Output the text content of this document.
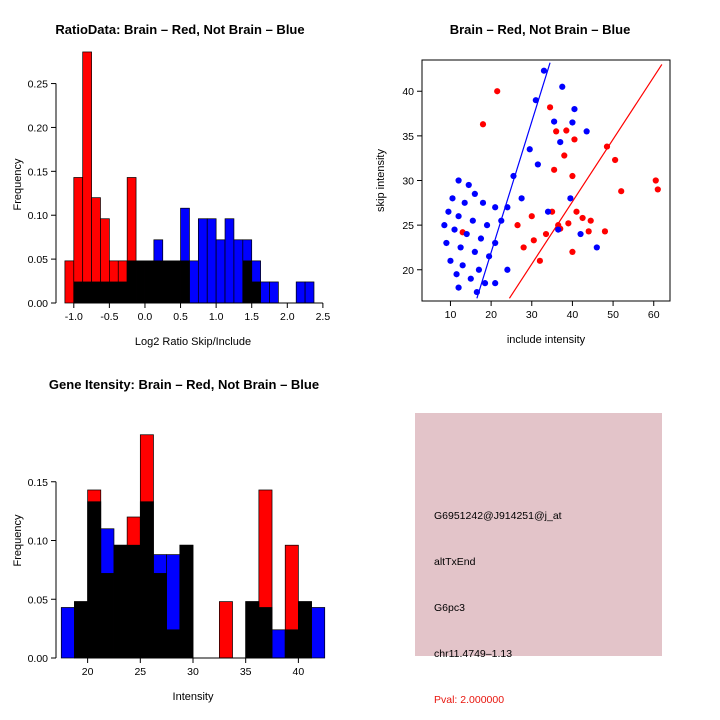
RatioData: Brain – Red, Not Brain – Blue
0.00
0.05
0.10
0.15
0.20
0.25
-1.0 -0.5 0.0 0.5 1.0 1.5 2.0 2.5
Log2 Ratio Skip/Include
Frequency
Brain – Red, Not Brain – Blue
10	20	30	40	50	60
20
25
30
35
40
include intensity
skip intensity
Gene Itensity: Brain – Red, Not Brain – Blue
0.00
0.05
0.10
0.15
20	25	30	35	40
Intensity
Frequency	G6951242@J914251@j_at
altTxEnd
G6pc3
chr11.4749–1.13
Pval: 2.000000
